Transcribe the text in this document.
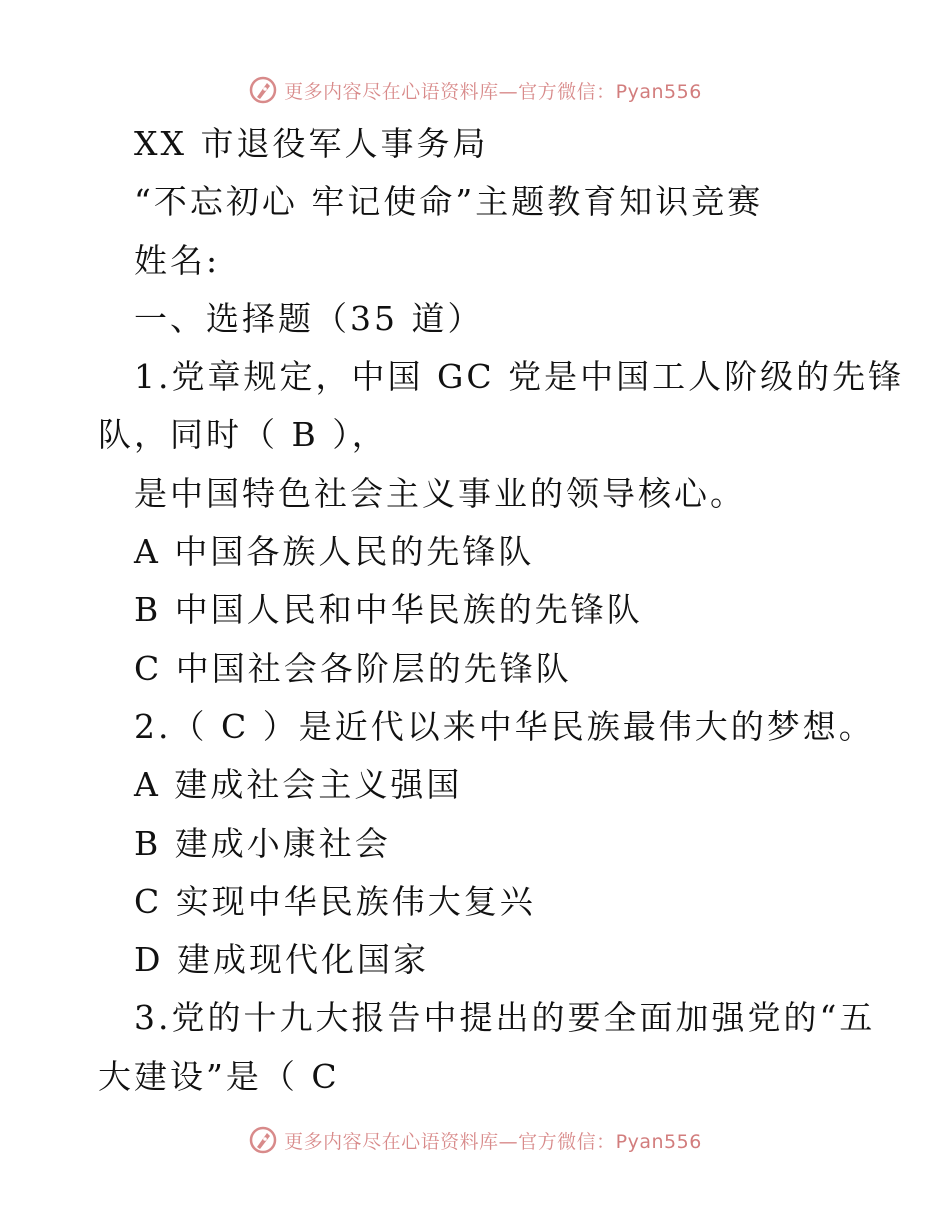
更多内容尽在心语资料库—官方微信：Pyan556
XX 市退役军人事务局
“不忘初心 牢记使命”主题教育知识竞赛
姓名:
一、选择题（35 道）
1.党章规定，中国 GC 党是中国工人阶级的先锋
队，同时（ B ），
是中国特色社会主义事业的领导核心。
A 中国各族人民的先锋队
B 中国人民和中华民族的先锋队
C 中国社会各阶层的先锋队
2.（ C ）是近代以来中华民族最伟大的梦想。
A 建成社会主义强国
B 建成小康社会
C 实现中华民族伟大复兴
D 建成现代化国家
3.党的十九大报告中提出的要全面加强党的“五
大建设”是（ C
更多内容尽在心语资料库—官方微信：Pyan556
